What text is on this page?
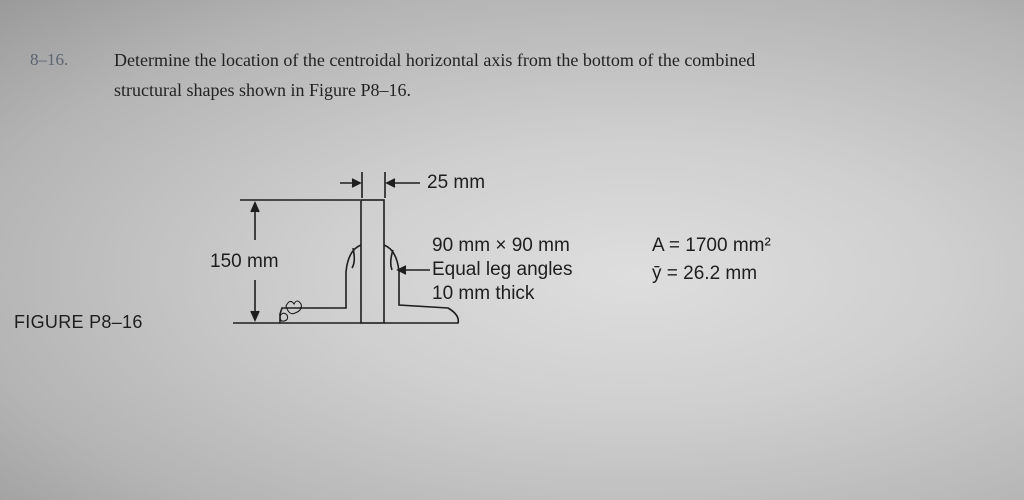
8–16.	Determine the location of the centroidal horizontal axis from the bottom of the combined
structural shapes shown in Figure P8–16.
25 mm
150 mm
90 mm × 90 mm
Equal leg angles
10 mm thick
A = 1700 mm²
ȳ = 26.2 mm
FIGURE P8–16
